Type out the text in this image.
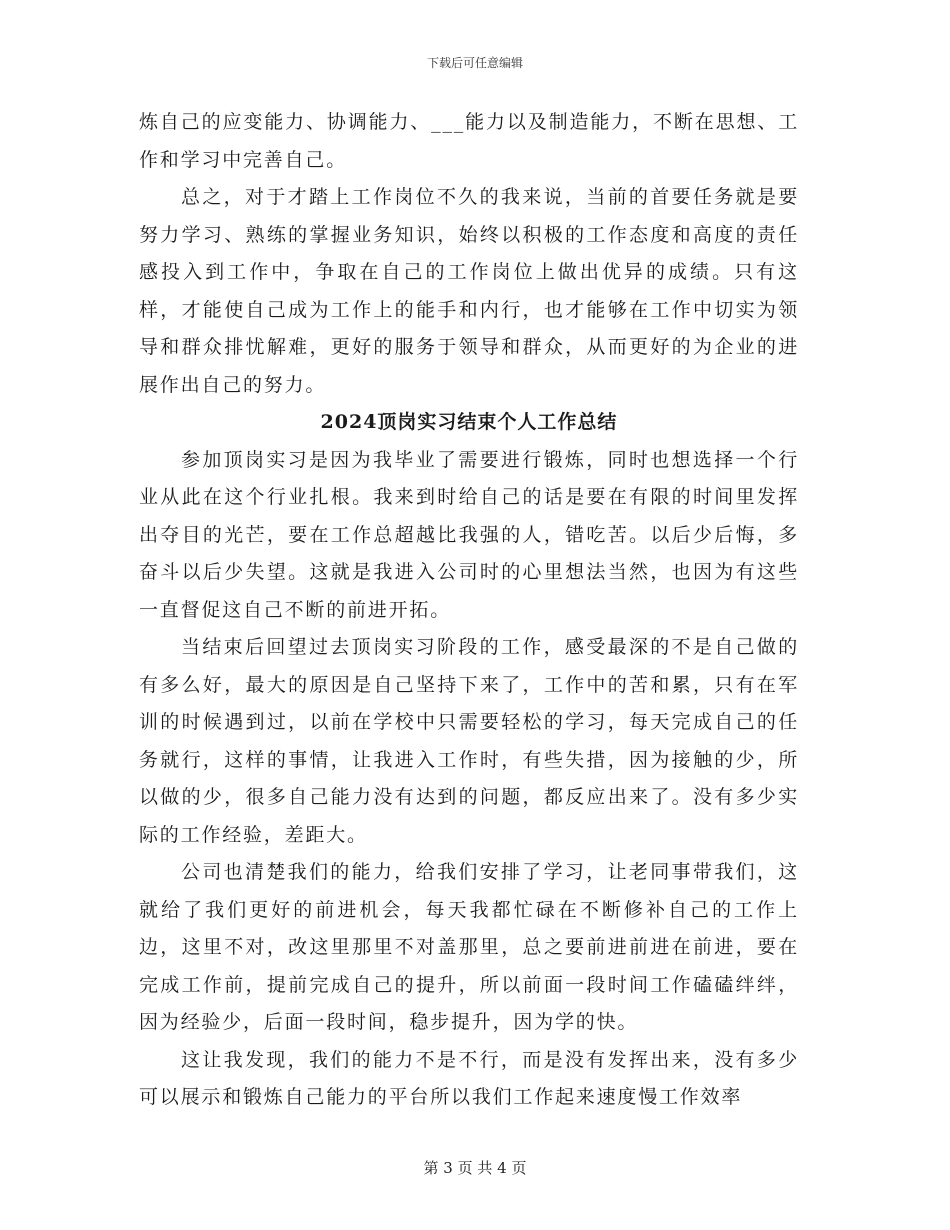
下载后可任意编辑

炼自己的应变能力、协调能力、___能力以及制造能力，不断在思想、工作和学习中完善自己。

总之，对于才踏上工作岗位不久的我来说，当前的首要任务就是要努力学习、熟练的掌握业务知识，始终以积极的工作态度和高度的责任感投入到工作中，争取在自己的工作岗位上做出优异的成绩。只有这样，才能使自己成为工作上的能手和内行，也才能够在工作中切实为领导和群众排忧解难，更好的服务于领导和群众，从而更好的为企业的进展作出自己的努力。

2024顶岗实习结束个人工作总结

参加顶岗实习是因为我毕业了需要进行锻炼，同时也想选择一个行业从此在这个行业扎根。我来到时给自己的话是要在有限的时间里发挥出夺目的光芒，要在工作总超越比我强的人，错吃苦。以后少后悔，多奋斗以后少失望。这就是我进入公司时的心里想法当然，也因为有这些一直督促这自己不断的前进开拓。

当结束后回望过去顶岗实习阶段的工作，感受最深的不是自己做的有多么好，最大的原因是自己坚持下来了，工作中的苦和累，只有在军训的时候遇到过，以前在学校中只需要轻松的学习，每天完成自己的任务就行，这样的事情，让我进入工作时，有些失措，因为接触的少，所以做的少，很多自己能力没有达到的问题，都反应出来了。没有多少实际的工作经验，差距大。

公司也清楚我们的能力，给我们安排了学习，让老同事带我们，这就给了我们更好的前进机会，每天我都忙碌在不断修补自己的工作上边，这里不对，改这里那里不对盖那里，总之要前进前进在前进，要在完成工作前，提前完成自己的提升，所以前面一段时间工作磕磕绊绊，因为经验少，后面一段时间，稳步提升，因为学的快。

这让我发现，我们的能力不是不行，而是没有发挥出来，没有多少可以展示和锻炼自己能力的平台所以我们工作起来速度慢工作效率

第 3 页 共 4 页
